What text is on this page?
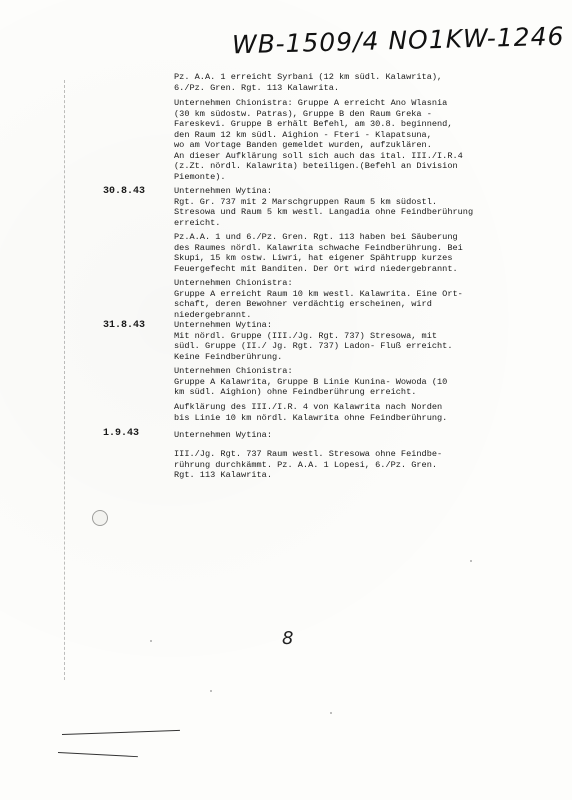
WB-1509/4 NO1KW-1246
Pz. A.A. 1 erreicht Syrbani (12 km südl. Kalawrita),
6./Pz. Gren. Rgt. 113 Kalawrita.
Unternehmen Chionistra: Gruppe A erreicht Ano Wlasnia
(30 km südostw. Patras), Gruppe B den Raum Greka -
Fareskevi. Gruppe B erhält Befehl, am 30.8. beginnend,
den Raum 12 km südl. Aighion - Fteri - Klapatsuna,
wo am Vortage Banden gemeldet wurden, aufzuklären.
An dieser Aufklärung soll sich auch das ital. III./I.R.4
(z.Zt. nördl. Kalawrita) beteiligen.(Befehl an Division
Piemonte).
30.8.43	Unternehmen Wytina:
Rgt. Gr. 737 mit 2 Marschgruppen Raum 5 km südostl.
Stresowa und Raum 5 km westl. Langadia ohne Feindberührung
erreicht.
Pz.A.A. 1 und 6./Pz. Gren. Rgt. 113 haben bei Säuberung
des Raumes nördl. Kalawrita schwache Feindberührung. Bei
Skupi, 15 km ostw. Liwri, hat eigener Spähtrupp kurzes
Feuergefecht mit Banditen. Der Ort wird niedergebrannt.
Unternehmen Chionistra:
Gruppe A erreicht Raum 10 km westl. Kalawrita. Eine Ort-
schaft, deren Bewohner verdächtig erscheinen, wird
niedergebrannt.
31.8.43	Unternehmen Wytina:
Mit nördl. Gruppe (III./Jg. Rgt. 737) Stresowa, mit
südl. Gruppe (II./ Jg. Rgt. 737) Ladon- Fluß erreicht.
Keine Feindberührung.
Unternehmen Chionistra:
Gruppe A Kalawrita, Gruppe B Linie Kunina- Wowoda (10
km südl. Aighion) ohne Feindberührung erreicht.
Aufklärung des III./I.R. 4 von Kalawrita nach Norden
bis Linie 10 km nördl. Kalawrita ohne Feindberührung.
1.9.43	Unternehmen Wytina:
III./Jg. Rgt. 737 Raum westl. Stresowa ohne Feindbe-
rührung durchkämmt. Pz. A.A. 1 Lopesi, 6./Pz. Gren.
Rgt. 113 Kalawrita.
8
